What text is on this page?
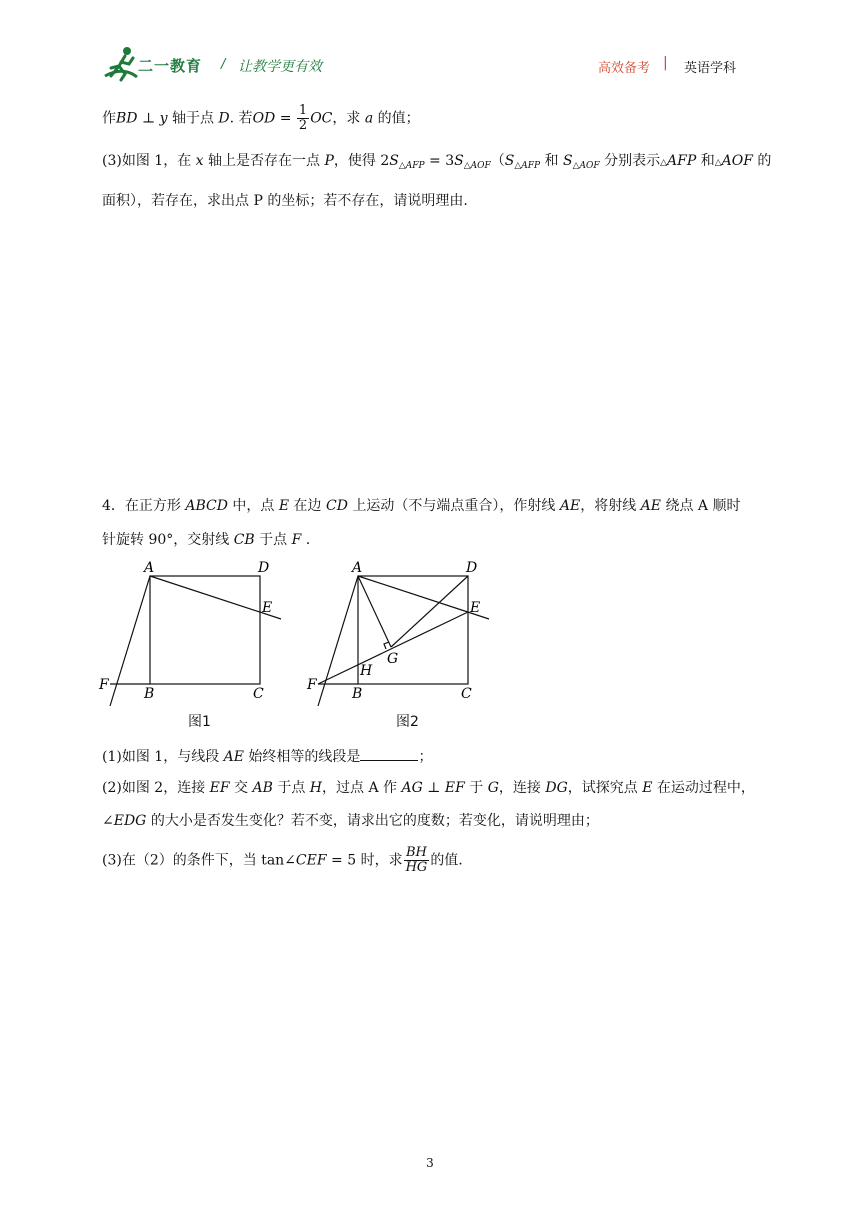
二一教育 / 让教学更有效	高效备考 | 英语学科
作BD ⊥ y 轴于点 D. 若OD = $\frac{1}{2}$ OC，求 a 的值；
(3)如图 1，在 x 轴上是否存在一点 P，使得 $2S_{\triangle AFP} = 3S_{\triangle AOF}(S_{\triangle AFP}$ 和 $S_{\triangle AOF}$ 分别表示△AFP 和△AOF 的
面积），若存在，求出点 P 的坐标；若不存在，请说明理由.
4．在正方形 ABCD 中，点 E 在边 CD 上运动（不与端点重合），作射线 AE，将射线 AE 绕点 A 顺时
针旋转 90°，交射线 CB 于点 F .
A	D
E
F
B	C
图1
A	D
E
F
B	C
G
H
图2
(1)如图 1，与线段 AE 始终相等的线段是	；
(2)如图 2，连接 EF 交 AB 于点 H，过点 A 作 AG ⊥ EF 于 G，连接 DG，试探究点 E 在运动过程中，
∠EDG 的大小是否发生变化？若不变，请求出它的度数；若变化，请说明理由；
(3)在（2）的条件下，当 tan∠CEF = 5 时，求 $\frac{BH}{HG}$ 的值.
3
